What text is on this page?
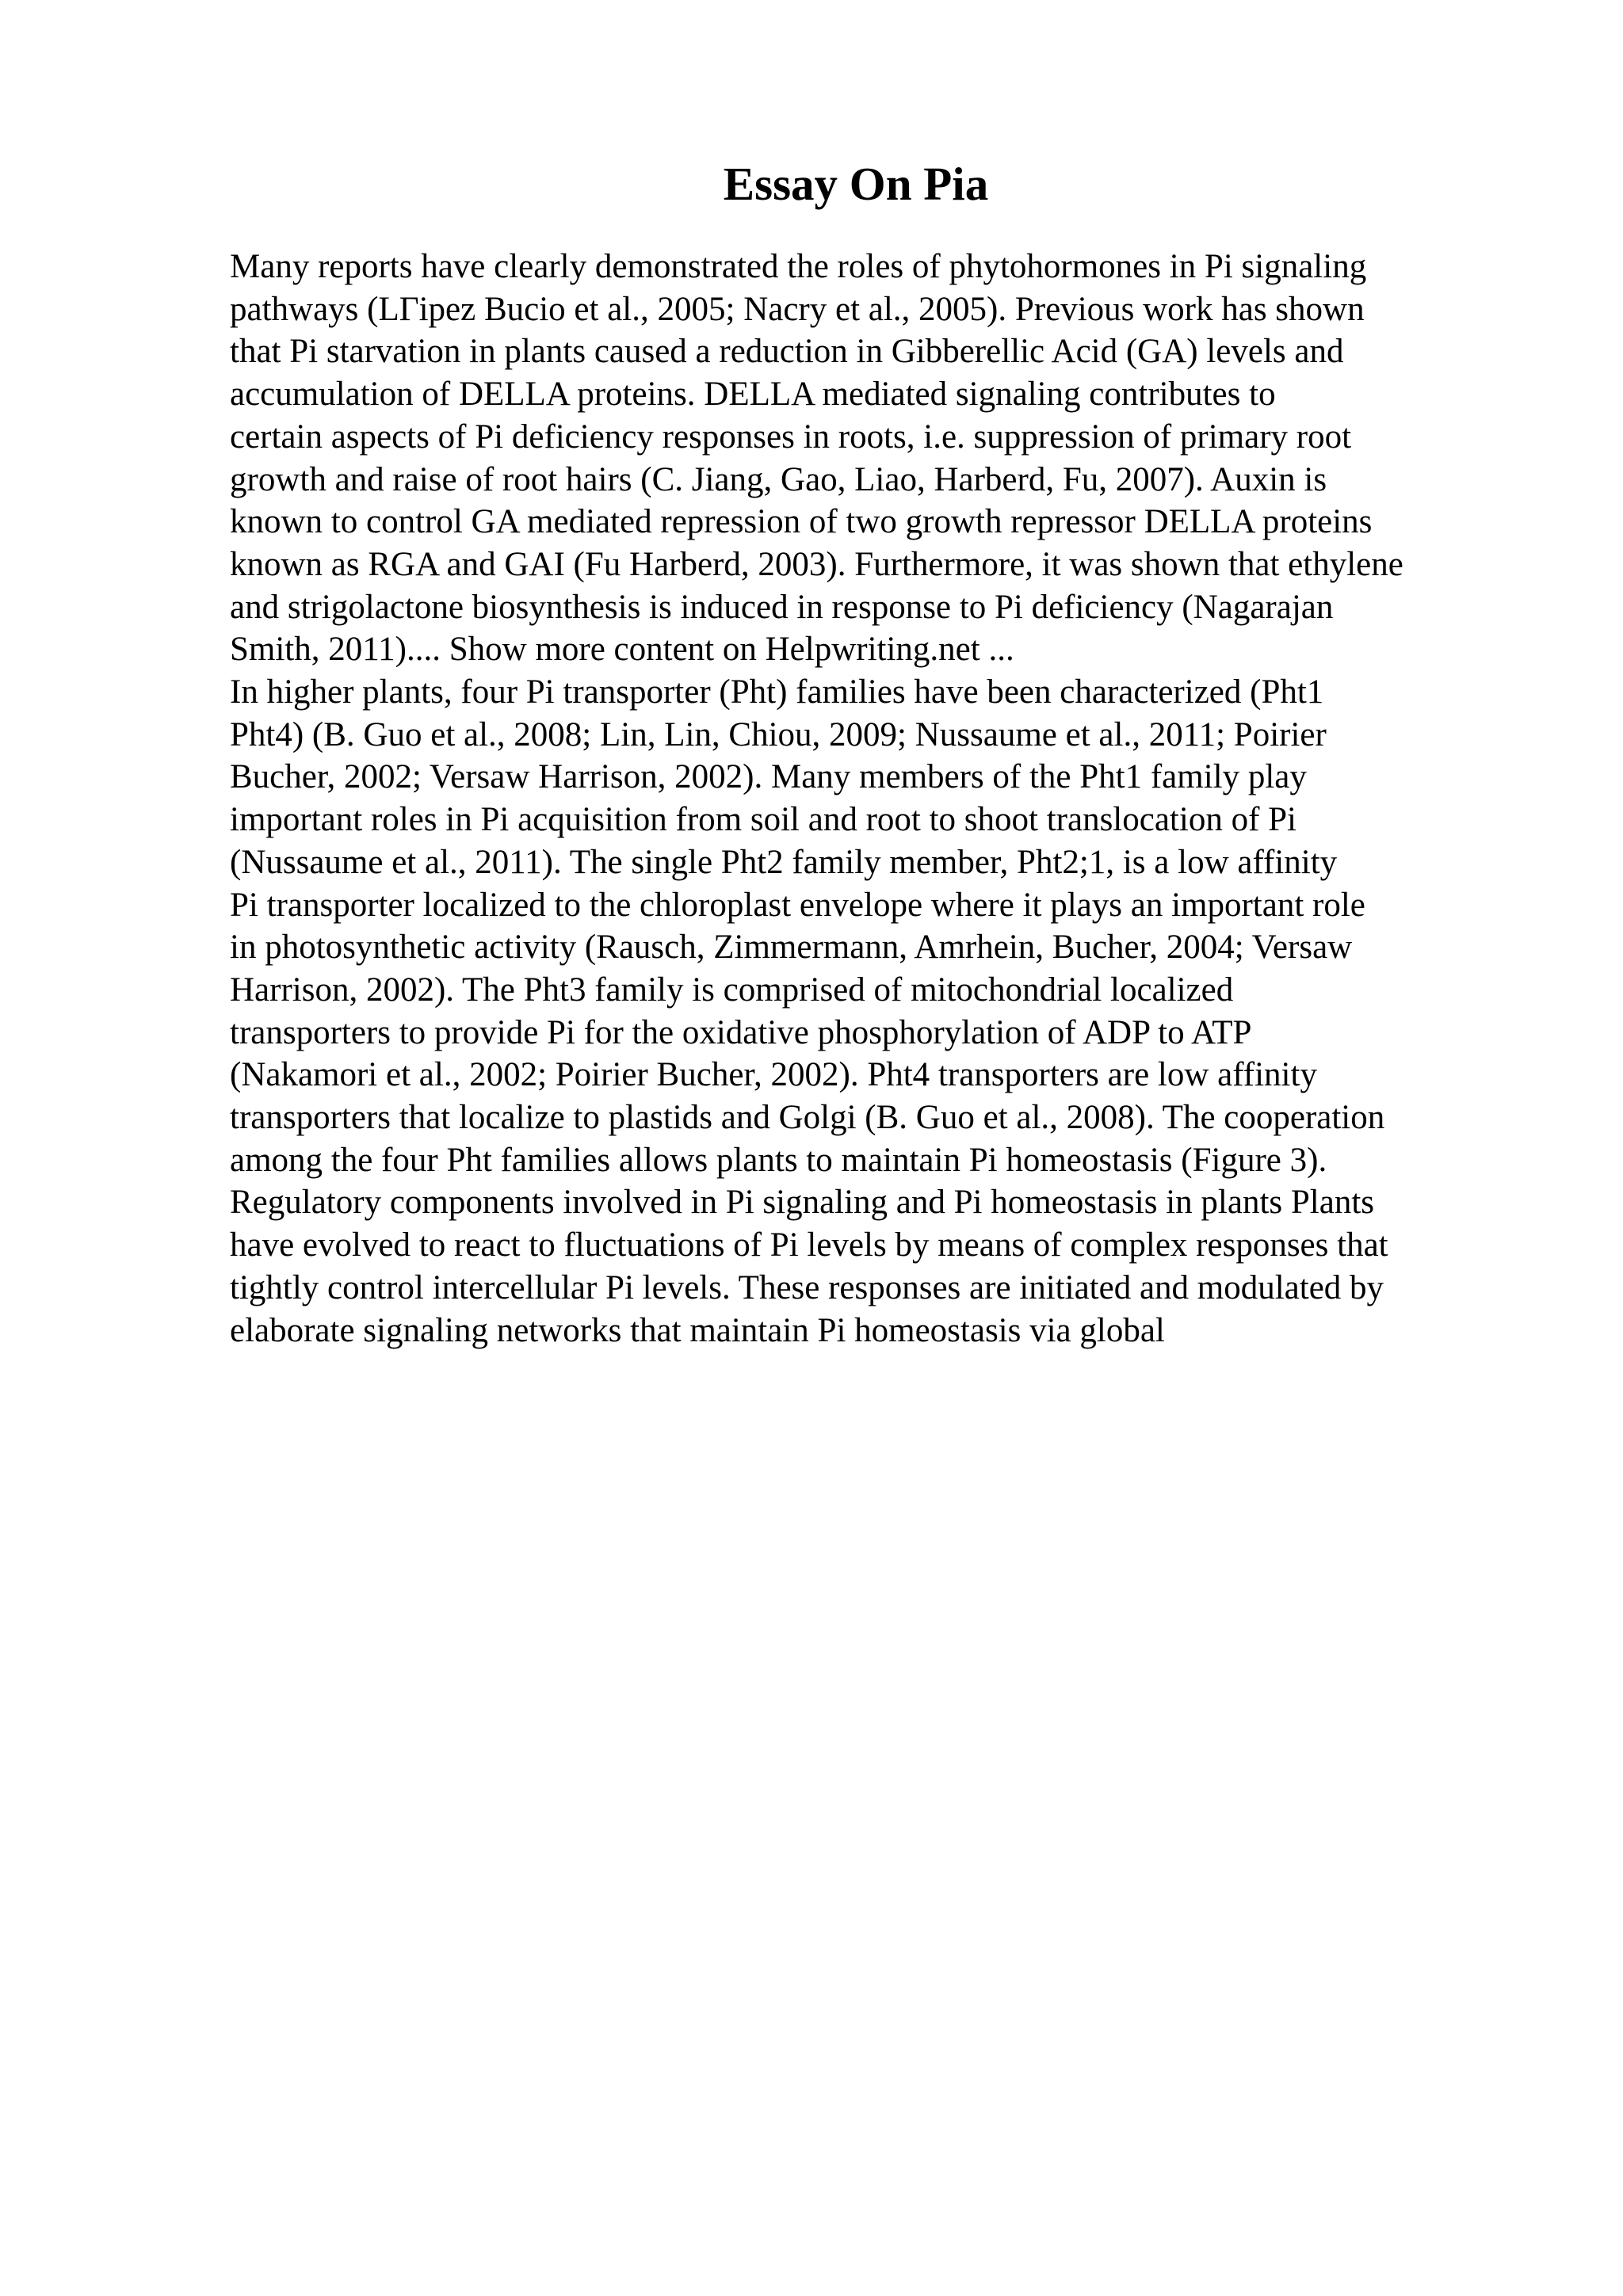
Essay On Pia
Many reports have clearly demonstrated the roles of phytohormones in Pi signaling
pathways (LГipez Bucio et al., 2005; Nacry et al., 2005). Previous work has shown
that Pi starvation in plants caused a reduction in Gibberellic Acid (GA) levels and
accumulation of DELLA proteins. DELLA mediated signaling contributes to
certain aspects of Pi deficiency responses in roots, i.e. suppression of primary root
growth and raise of root hairs (C. Jiang, Gao, Liao, Harberd, Fu, 2007). Auxin is
known to control GA mediated repression of two growth repressor DELLA proteins
known as RGA and GAI (Fu Harberd, 2003). Furthermore, it was shown that ethylene
and strigolactone biosynthesis is induced in response to Pi deficiency (Nagarajan
Smith, 2011).... Show more content on Helpwriting.net ...
In higher plants, four Pi transporter (Pht) families have been characterized (Pht1
Pht4) (B. Guo et al., 2008; Lin, Lin, Chiou, 2009; Nussaume et al., 2011; Poirier
Bucher, 2002; Versaw Harrison, 2002). Many members of the Pht1 family play
important roles in Pi acquisition from soil and root to shoot translocation of Pi
(Nussaume et al., 2011). The single Pht2 family member, Pht2;1, is a low affinity
Pi transporter localized to the chloroplast envelope where it plays an important role
in photosynthetic activity (Rausch, Zimmermann, Amrhein, Bucher, 2004; Versaw
Harrison, 2002). The Pht3 family is comprised of mitochondrial localized
transporters to provide Pi for the oxidative phosphorylation of ADP to ATP
(Nakamori et al., 2002; Poirier Bucher, 2002). Pht4 transporters are low affinity
transporters that localize to plastids and Golgi (B. Guo et al., 2008). The cooperation
among the four Pht families allows plants to maintain Pi homeostasis (Figure 3).
Regulatory components involved in Pi signaling and Pi homeostasis in plants Plants
have evolved to react to fluctuations of Pi levels by means of complex responses that
tightly control intercellular Pi levels. These responses are initiated and modulated by
elaborate signaling networks that maintain Pi homeostasis via global
